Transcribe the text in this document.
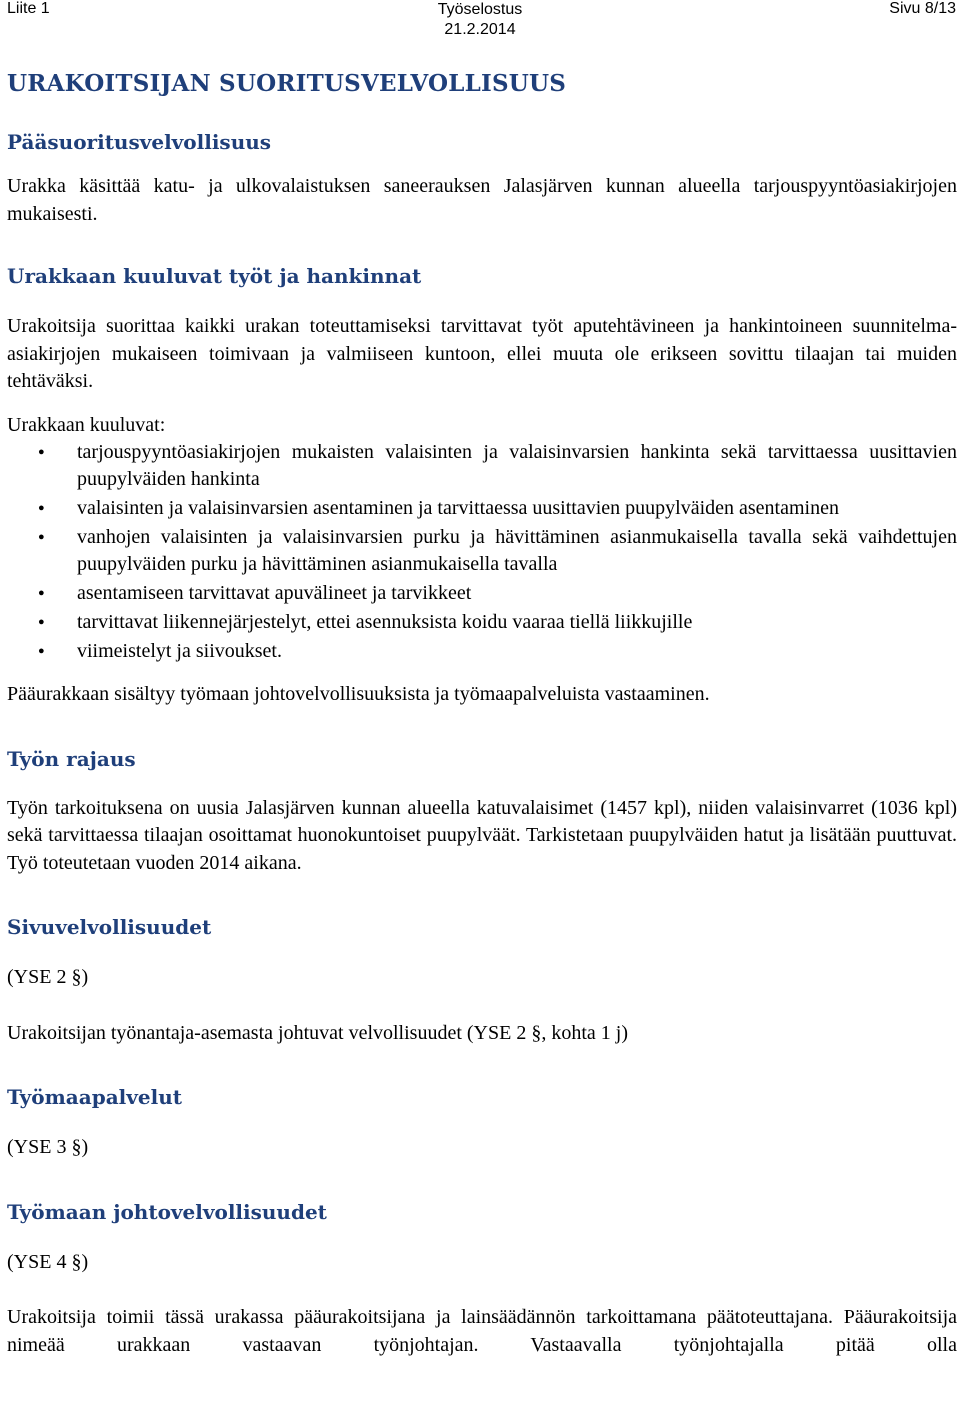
Liite 1	Työselostus
21.2.2014
Sivu 8/13
URAKOITSIJAN SUORITUSVELVOLLISUUS
Pääsuoritusvelvollisuus

Urakka käsittää katu- ja ulkovalaistuksen saneerauksen Jalasjärven kunnan alueella tarjouspyyntöasiakirjojen mukaisesti.

Urakkaan kuuluvat työt ja hankinnat

Urakoitsija suorittaa kaikki urakan toteuttamiseksi tarvittavat työt aputehtävineen ja hankintoineen suunnitelma-asiakirjojen mukaiseen toimivaan ja valmiiseen kuntoon, ellei muuta ole erikseen sovittu tilaajan tai muiden tehtäväksi.

Urakkaan kuuluvat:

● tarjouspyyntöasiakirjojen mukaisten valaisinten ja valaisinvarsien hankinta sekä tarvittaessa uusittavien puupylväiden hankinta
● valaisinten ja valaisinvarsien asentaminen ja tarvittaessa uusittavien puupylväiden asentaminen
● vanhojen valaisinten ja valaisinvarsien purku ja hävittäminen asianmukaisella tavalla sekä vaihdettujen puupylväiden purku ja hävittäminen asianmukaisella tavalla
● asentamiseen tarvittavat apuvälineet ja tarvikkeet
● tarvittavat liikennejärjestelyt, ettei asennuksista koidu vaaraa tiellä liikkujille
● viimeistelyt ja siivoukset.

Pääurakkaan sisältyy työmaan johtovelvollisuuksista ja työmaapalveluista vastaaminen.

Työn rajaus

Työn tarkoituksena on uusia Jalasjärven kunnan alueella katuvalaisimet (1457 kpl), niiden valaisinvarret (1036 kpl) sekä tarvittaessa tilaajan osoittamat huonokuntoiset puupylväät. Tarkistetaan puupylväiden hatut ja lisätään puuttuvat. Työ toteutetaan vuoden 2014 aikana.

Sivuvelvollisuudet

(YSE 2 §)

Urakoitsijan työnantaja-asemasta johtuvat velvollisuudet (YSE 2 §, kohta 1 j)

Työmaapalvelut

(YSE 3 §)

Työmaan johtovelvollisuudet

(YSE 4 §)

Urakoitsija toimii tässä urakassa pääurakoitsijana ja lainsäädännön tarkoittamana päätoteuttajana. Pääurakoitsija nimeää urakkaan vastaavan työnjohtajan. Vastaavalla työnjohtajalla pitää olla
